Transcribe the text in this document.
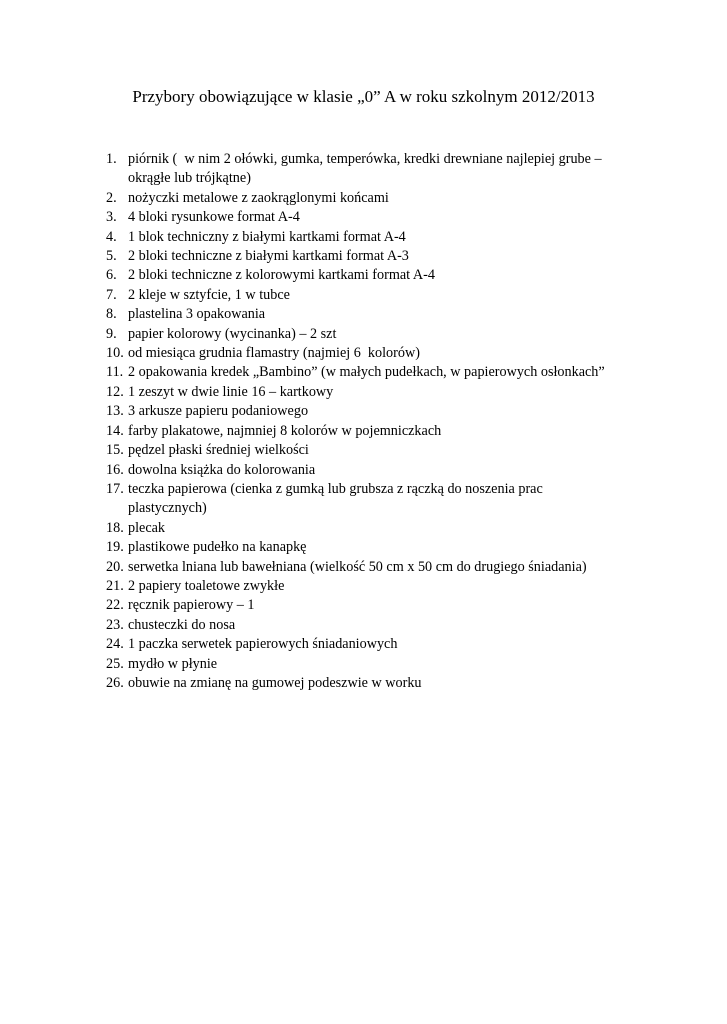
Przybory obowiązujące w klasie „0” A w roku szkolnym 2012/2013
1. piórnik (  w nim 2 ołówki, gumka, temperówka, kredki drewniane najlepiej grube –
okrągłe lub trójkątne)
2. nożyczki metalowe z zaokrąglonymi końcami
3. 4 bloki rysunkowe format A-4
4. 1 blok techniczny z białymi kartkami format A-4
5. 2 bloki techniczne z białymi kartkami format A-3
6. 2 bloki techniczne z kolorowymi kartkami format A-4
7. 2 kleje w sztyfcie, 1 w tubce
8. plastelina 3 opakowania
9. papier kolorowy (wycinanka) – 2 szt
10. od miesiąca grudnia flamastry (najmiej 6  kolorów)
11. 2 opakowania kredek „Bambino” (w małych pudełkach, w papierowych osłonkach”
12. 1 zeszyt w dwie linie 16 – kartkowy
13. 3 arkusze papieru podaniowego
14. farby plakatowe, najmniej 8 kolorów w pojemniczkach
15. pędzel płaski średniej wielkości
16. dowolna książka do kolorowania
17. teczka papierowa (cienka z gumką lub grubsza z rączką do noszenia prac
plastycznych)
18. plecak
19. plastikowe pudełko na kanapkę
20. serwetka lniana lub bawełniana (wielkość 50 cm x 50 cm do drugiego śniadania)
21. 2 papiery toaletowe zwykłe
22. ręcznik papierowy – 1
23. chusteczki do nosa
24. 1 paczka serwetek papierowych śniadaniowych
25. mydło w płynie
26. obuwie na zmianę na gumowej podeszwie w worku
